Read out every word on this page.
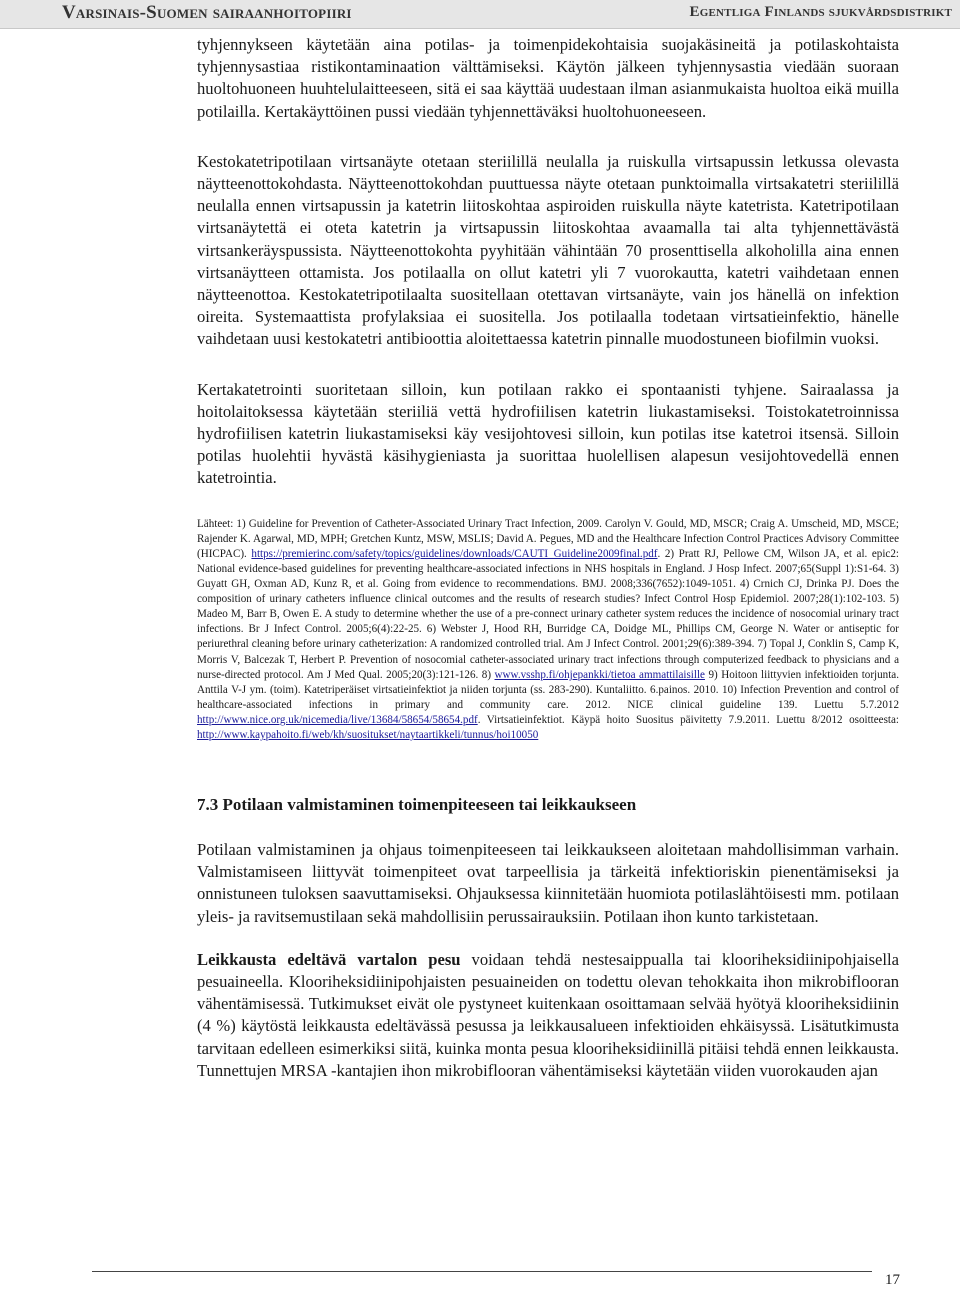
Varsinais-Suomen sairaanhoitopiiri	Egentliga Finlands sjukvårdsdistrikt

tyhjennykseen käytetään aina potilas- ja toimenpidekohtaisia suojakäsineitä ja potilaskohtaista tyhjennysastiaa ristikontaminaation välttämiseksi. Käytön jälkeen tyhjennysastia viedään suoraan huoltohuoneen huuhtelulaitteeseen, sitä ei saa käyttää uudestaan ilman asianmukaista huoltoa eikä muilla potilailla. Kertakäyttöinen pussi viedään tyhjennettäväksi huoltohuoneeseen.

Kestokatetripotilaan virtsanäyte otetaan steriilillä neulalla ja ruiskulla virtsapussin letkussa olevasta näytteenottokohdasta. Näytteenottokohdan puuttuessa näyte otetaan punktoimalla virtsakatetri steriilillä neulalla ennen virtsapussin ja katetrin liitoskohtaa aspiroiden ruiskulla näyte katetrista. Katetripotilaan virtsanäytettä ei oteta katetrin ja virtsapussin liitoskohtaa avaamalla tai alta tyhjennettävästä virtsankeräyspussista. Näytteenottokohta pyyhitään vähintään 70 prosenttisella alkoholilla aina ennen virtsanäytteen ottamista. Jos potilaalla on ollut katetri yli 7 vuorokautta, katetri vaihdetaan ennen näytteenottoa. Kestokatetripotilaalta suositellaan otettavan virtsanäyte, vain jos hänellä on infektion oireita. Systemaattista profylaksiaa ei suositella. Jos potilaalla todetaan virtsatieinfektio, hänelle vaihdetaan uusi kestokatetri antibioottia aloitettaessa katetrin pinnalle muodostuneen biofilmin vuoksi.

Kertakatetrointi suoritetaan silloin, kun potilaan rakko ei spontaanisti tyhjene. Sairaalassa ja hoitolaitoksessa käytetään steriiliä vettä hydrofiilisen katetrin liukastamiseksi. Toistokatetroinnissa hydrofiilisen katetrin liukastamiseksi käy vesijohtovesi silloin, kun potilas itse katetroi itsensä. Silloin potilas huolehtii hyvästä käsihygieniasta ja suorittaa huolellisen alapesun vesijohtovedellä ennen katetrointia.

Lähteet: 1) Guideline for Prevention of Catheter-Associated Urinary Tract Infection, 2009. Carolyn V. Gould, MD, MSCR; Craig A. Umscheid, MD, MSCE; Rajender K. Agarwal, MD, MPH; Gretchen Kuntz, MSW, MSLIS; David A. Pegues, MD and the Healthcare Infection Control Practices Advisory Committee (HICPAC). https://premierinc.com/safety/topics/guidelines/downloads/CAUTI_Guideline2009final.pdf. 2) Pratt RJ, Pellowe CM, Wilson JA, et al. epic2: National evidence-based guidelines for preventing healthcare-associated infections in NHS hospitals in England. J Hosp Infect. 2007;65(Suppl 1):S1-64. 3) Guyatt GH, Oxman AD, Kunz R, et al. Going from evidence to recommendations. BMJ. 2008;336(7652):1049-1051. 4) Crnich CJ, Drinka PJ. Does the composition of urinary catheters influence clinical outcomes and the results of research studies? Infect Control Hosp Epidemiol. 2007;28(1):102-103. 5) Madeo M, Barr B, Owen E. A study to determine whether the use of a pre-connect urinary catheter system reduces the incidence of nosocomial urinary tract infections. Br J Infect Control. 2005;6(4):22-25. 6) Webster J, Hood RH, Burridge CA, Doidge ML, Phillips CM, George N. Water or antiseptic for periurethral cleaning before urinary catheterization: A randomized controlled trial. Am J Infect Control. 2001;29(6):389-394. 7) Topal J, Conklin S, Camp K, Morris V, Balcezak T, Herbert P. Prevention of nosocomial catheter-associated urinary tract infections through computerized feedback to physicians and a nurse-directed protocol. Am J Med Qual. 2005;20(3):121-126. 8) www.vsshp.fi/ohjepankki/tietoa ammattilaisille 9) Hoitoon liittyvien infektioiden torjunta. Anttila V-J ym. (toim). Katetriperäiset virtsatieinfektiot ja niiden torjunta (ss. 283-290). Kuntaliitto. 6.painos. 2010. 10) Infection Prevention and control of healthcare-associated infections in primary and community care. 2012. NICE clinical guideline 139. Luettu 5.7.2012 http://www.nice.org.uk/nicemedia/live/13684/58654/58654.pdf. Virtsatieinfektiot. Käypä hoito Suositus päivitetty 7.9.2011. Luettu 8/2012 osoitteesta: http://www.kaypahoito.fi/web/kh/suositukset/naytaartikkeli/tunnus/hoi10050

7.3 Potilaan valmistaminen toimenpiteeseen tai leikkaukseen

Potilaan valmistaminen ja ohjaus toimenpiteeseen tai leikkaukseen aloitetaan mahdollisimman varhain. Valmistamiseen liittyvät toimenpiteet ovat tarpeellisia ja tärkeitä infektioriskin pienentämiseksi ja onnistuneen tuloksen saavuttamiseksi. Ohjauksessa kiinnitetään huomiota potilaslähtöisesti mm. potilaan yleis- ja ravitsemustilaan sekä mahdollisiin perussairauksiin. Potilaan ihon kunto tarkistetaan.

Leikkausta edeltävä vartalon pesu voidaan tehdä nestesaippualla tai klooriheksidiinipohjaisella pesuaineella. Klooriheksidiinipohjaisten pesuaineiden on todettu olevan tehokkaita ihon mikrobiflooran vähentämisessä. Tutkimukset eivät ole pystyneet kuitenkaan osoittamaan selvää hyötyä klooriheksidiinin (4 %) käytöstä leikkausta edeltävässä pesussa ja leikkausalueen infektioiden ehkäisyssä. Lisätutkimusta tarvitaan edelleen esimerkiksi siitä, kuinka monta pesua klooriheksidiinillä pitäisi tehdä ennen leikkausta. Tunnettujen MRSA -kantajien ihon mikrobiflooran vähentämiseksi käytetään viiden vuorokauden ajan

17
